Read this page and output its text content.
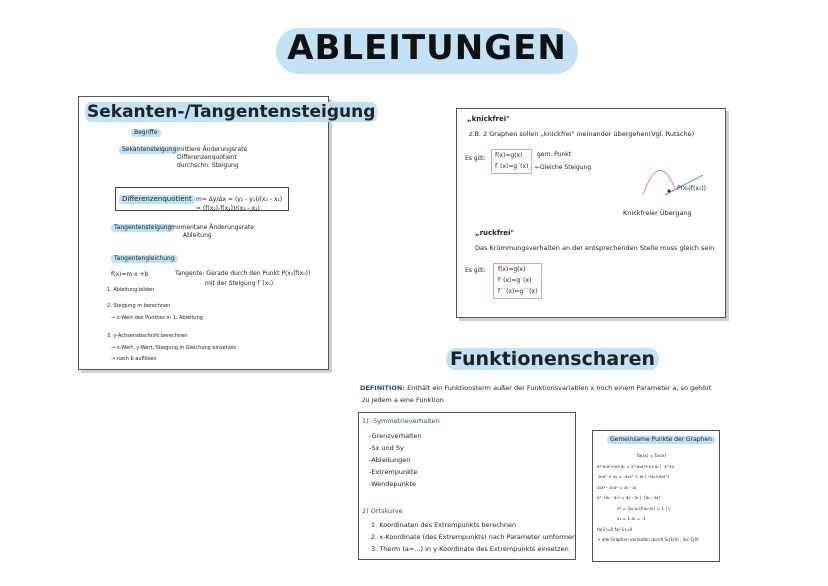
ABLEITUNGEN
Sekanten-/Tangentensteigung
Begriffe
Sekantensteigung mittlere Änderungsrate
Differenzenquotient
durchschn. Steigung
Differenzenquotient m= Δy/Δx = (y₂ - y₁)/(x₂ - x₁) = (f(x₂)-f(x₁))/(x₂ - x₁)
Tangentensteigung momentane Änderungsrate
Ableitung
Tangentengleichung
f(x)=m·x +b	Tangente: Gerade durch den Punkt P(x₀|f(x₀))
mit der Steigung f´(x₀)
1. Ableitung bilden
2. Steigung m berechnen
→ x-Wert des Punktes in 1. Ableitung
3. y-Achsenabschnitt berechnen
→ x-Wert, y-Wert, Steigung in Gleichung einsetzen
→ nach b auflösen
„knickfrei"
z.B. 2 Graphen sollen „knickfrei" ineinander übergehen(Vgl. Rutsche)
Es gilt: f(x)=g(x)
f´(x)=g´(x)
gem. Punkt
←Gleiche Steigung
P(x₀|f(x₀))
Knickfreier Übergang
„ruckfrei"
Das Krümmungsverhalten an der entsprechenden Stelle muss gleich sein
Es gilt: f(x)=g(x)
f´(x)=g´(x)
f´´(x)=g´´(x)
Funktionenscharen
DEFINITION: Enthält ein Funktionsterm außer der Funktionsvariablen x noch einem Parameter a, so gehört
zu jedem a eine Funktion
1) -Symmetrieverhalten
-Grenzverhalten
-Sx und Sy
-Ableitungen
-Extrempunkte
-Wendepunkte
2) Ortskurve
1. Koordinaten des Extrempunkts berechnen
2. x-Koordinate (des Extrempunkts) nach Parameter umformen
3. Therm (a=...) in y-Koordinate des Extrempunkts einsetzen
Gemeinsame Punkte der Graphen
fa₁(x) = fa₂(x)
x³-a₁x²+x+a₁ = x³-a₂x²+x+a₂ | -x³+x
-a₁x² + a₁ = -a₂x² + a₂ | -(a₁+a₂x²)
a₂x² - a₁x² = a₂ - a₁
x² ·(a₂ - a₁) = a₂ - a₁ | :(a₂ - a₁)
x² = (a₂-a₁)/(a₂-a₁) = 1 | √
x₁ = 1 x₂ = -1
fa(1)=0 fa(-1)=0
→ alle Graphen verlaufen durch S₁(1|0) ; S₂(-1|0)
